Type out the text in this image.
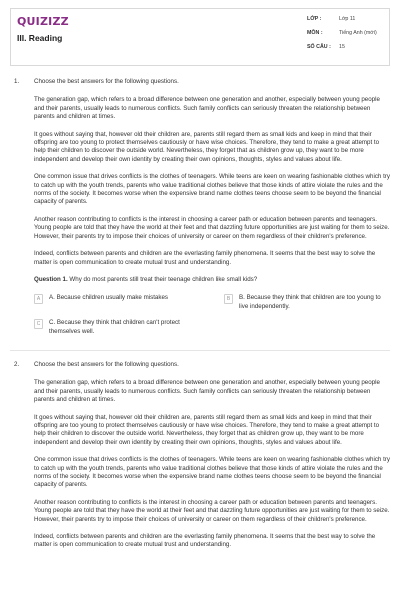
QUIZIZZ
III. Reading
LỚP :	Lớp 11
MÔN :	Tiếng Anh (mới)
SỐ CÂU :	15
1. Choose the best answers for the following questions.

The generation gap, which refers to a broad difference between one generation and another, especially between young people and their parents, usually leads to numerous conflicts. Such family conflicts can seriously threaten the relationship between parents and children at times.

It goes without saying that, however old their children are, parents still regard them as small kids and keep in mind that their offspring are too young to protect themselves cautiously or have wise choices. Therefore, they tend to make a great attempt to help their children to discover the outside world. Nevertheless, they forget that as children grow up, they want to be more independent and develop their own identity by creating their own opinions, thoughts, styles and values about life.

One common issue that drives conflicts is the clothes of teenagers. While teens are keen on wearing fashionable clothes which try to catch up with the youth trends, parents who value traditional clothes believe that those kinds of attire violate the rules and the norms of the society. It becomes worse when the expensive brand name clothes teens choose seem to be beyond the financial capacity of parents.

Another reason contributing to conflicts is the interest in choosing a career path or education between parents and teenagers. Young people are told that they have the world at their feet and that dazzling future opportunities are just waiting for them to seize. However, their parents try to impose their choices of university or career on them regardless of their children's preference.

Indeed, conflicts between parents and children are the everlasting family phenomena. It seems that the best way to solve the matter is open communication to create mutual trust and understanding.

Question 1. Why do most parents still treat their teenage children like small kids?
A	A. Because children usually make mistakes	B	B. Because they think that children are too young to live independently.
C	C. Because they think that children can't protect themselves well.
2. Choose the best answers for the following questions.

The generation gap, which refers to a broad difference between one generation and another, especially between young people and their parents, usually leads to numerous conflicts. Such family conflicts can seriously threaten the relationship between parents and children at times.

It goes without saying that, however old their children are, parents still regard them as small kids and keep in mind that their offspring are too young to protect themselves cautiously or have wise choices. Therefore, they tend to make a great attempt to help their children to discover the outside world. Nevertheless, they forget that as children grow up, they want to be more independent and develop their own identity by creating their own opinions, thoughts, styles and values about life.

One common issue that drives conflicts is the clothes of teenagers. While teens are keen on wearing fashionable clothes which try to catch up with the youth trends, parents who value traditional clothes believe that those kinds of attire violate the rules and the norms of the society. It becomes worse when the expensive brand name clothes teens choose seem to be beyond the financial capacity of parents.

Another reason contributing to conflicts is the interest in choosing a career path or education between parents and teenagers. Young people are told that they have the world at their feet and that dazzling future opportunities are just waiting for them to seize. However, their parents try to impose their choices of university or career on them regardless of their children's preference.

Indeed, conflicts between parents and children are the everlasting family phenomena. It seems that the best way to solve the matter is open communication to create mutual trust and understanding.
